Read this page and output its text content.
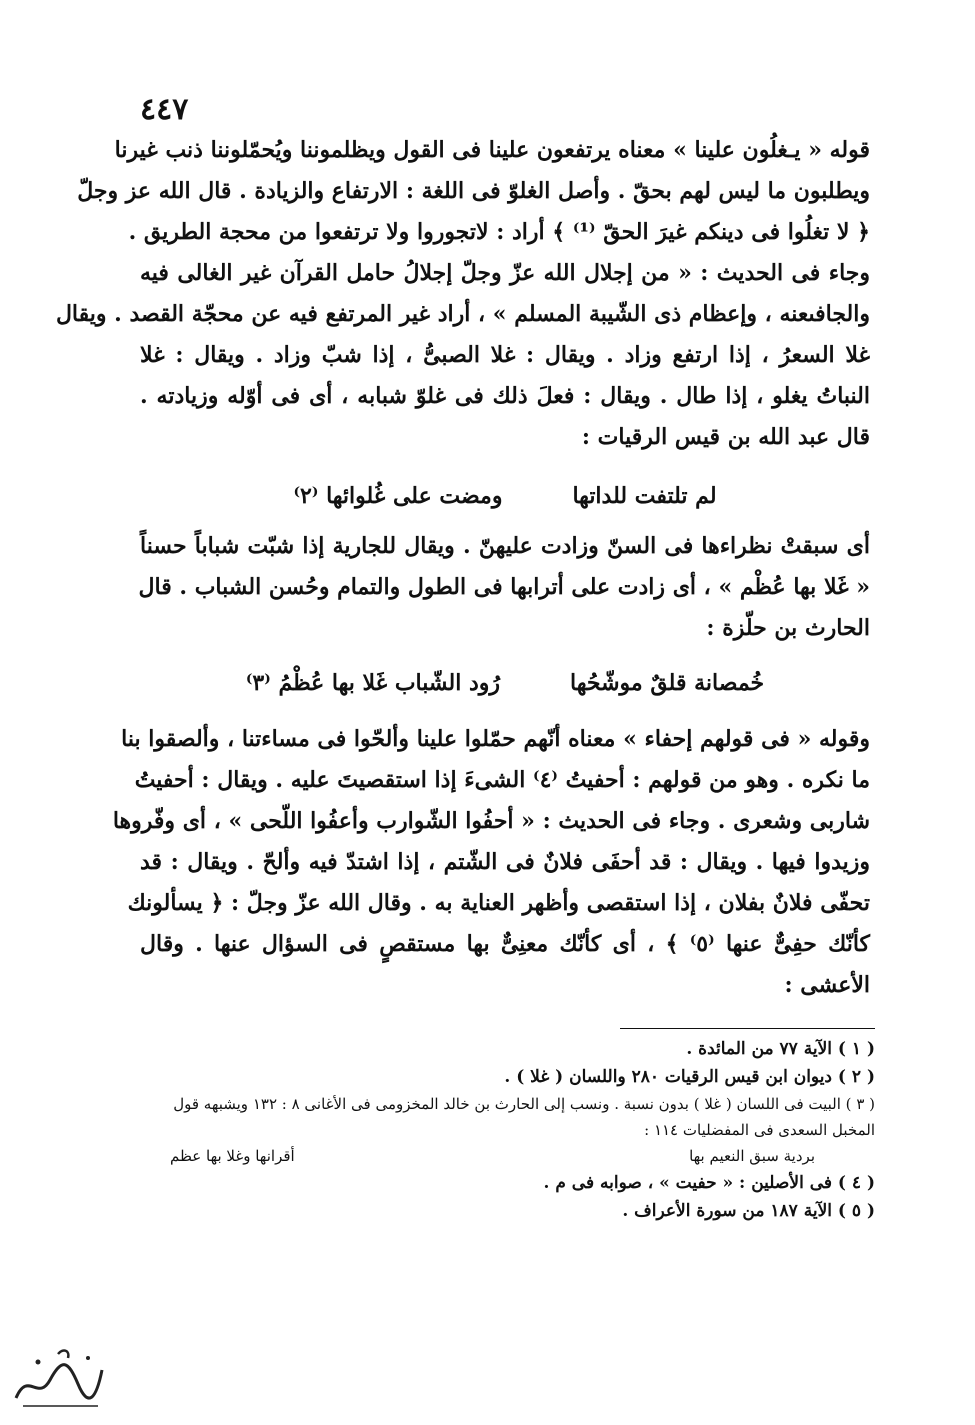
٤٤٧
قوله « يـغلُون علينا » معناه يرتفعون علينا فى القول ويظلموننا ويُحمّلوننا ذنب غيرنا
ويطلبون ما ليس لهم بحقّ . وأصل الغلوّ فى اللغة : الارتفاع والزيادة . قال الله عز وجلّ
﴿ لا تغلُوا فى دينكم غيرَ الحقّ ⁽¹⁾ ﴾ أراد : لاتجوروا ولا ترتفعوا من محجة الطريق .
وجاء فى الحديث : « من إجلال الله عزّ وجلّ إجلالُ حامل القرآن غير الغالى فيه
والجافىعنه ، وإعظام ذى الشّيبة المسلم » ، أراد غير المرتفع فيه عن محجّة القصد . ويقال
غلا السعرُ ، إذا ارتفع وزاد . ويقال : غلا الصبىُّ ، إذا شبّ وزاد . ويقال : غلا
النباتُ يغلو ، إذا طال . ويقال : فعلَ ذلك فى غلوّ شبابه ، أى فى أوّله وزيادته .
قال عبد الله بن قيس الرقيات :
لم تلتفت للداتها
ومضت على غُلوائها ⁽٢⁾
أى سبقتْ نظراءها فى السنّ وزادت عليهنّ . ويقال للجارية إذا شبّت شباباً حسناً
« غَلا بها عُظْم » ، أى زادت على أترابها فى الطول والتمام وحُسن الشباب . قال
الحارث بن حلّزة :
خُمصانة قلقٌ موشّحُها
رُود الشّباب غَلا بها عُظْمُ ⁽٣⁾
وقوله « فى قولهم إحفاء » معناه أنّهم حمّلوا علينا وألحّوا فى مساءتنا ، وألصقوا بنا
ما نكره . وهو من قولهم : أحفيتُ ⁽٤⁾ الشىءَ إذا استقصيتَ عليه . ويقال : أحفيتُ
شاربى وشعرى . وجاء فى الحديث : « أحفُوا الشّوارب وأعفُوا اللّحى » ، أى وفّروها
وزيدوا فيها . ويقال : قد أحفَى فلانٌ فى الشّتم ، إذا اشتدّ فيه وألحّ . ويقال : قد
تحفّى فلانٌ بفلان ، إذا استقصى وأظهر العناية به . وقال الله عزّ وجلّ : ﴿ يسألونك
كأنّك حفِىٌّ عنها ⁽٥⁾ ﴾ ، أى كأنّك معنِىٌّ بها مستقصٍ فى السؤال عنها . وقال
الأعشى :
( ١ ) الآية ٧٧ من المائدة .
( ٢ ) ديوان ابن قيس الرقيات ٢٨٠ واللسان ( غلا ) .
( ٣ ) البيت فى اللسان ( غلا ) بدون نسبة . ونسب إلى الحارث بن خالد المخزومى فى الأغانى ٨ : ١٣٢ ويشبهه قول
المخبل السعدى فى المفضليات ١١٤ :
بردية سبق النعيم بها
أقرانها وغلا بها عظم
( ٤ ) فى الأصلين : « حفيت » ، صوابه فى م .
( ٥ ) الآية ١٨٧ من سورة الأعراف .
